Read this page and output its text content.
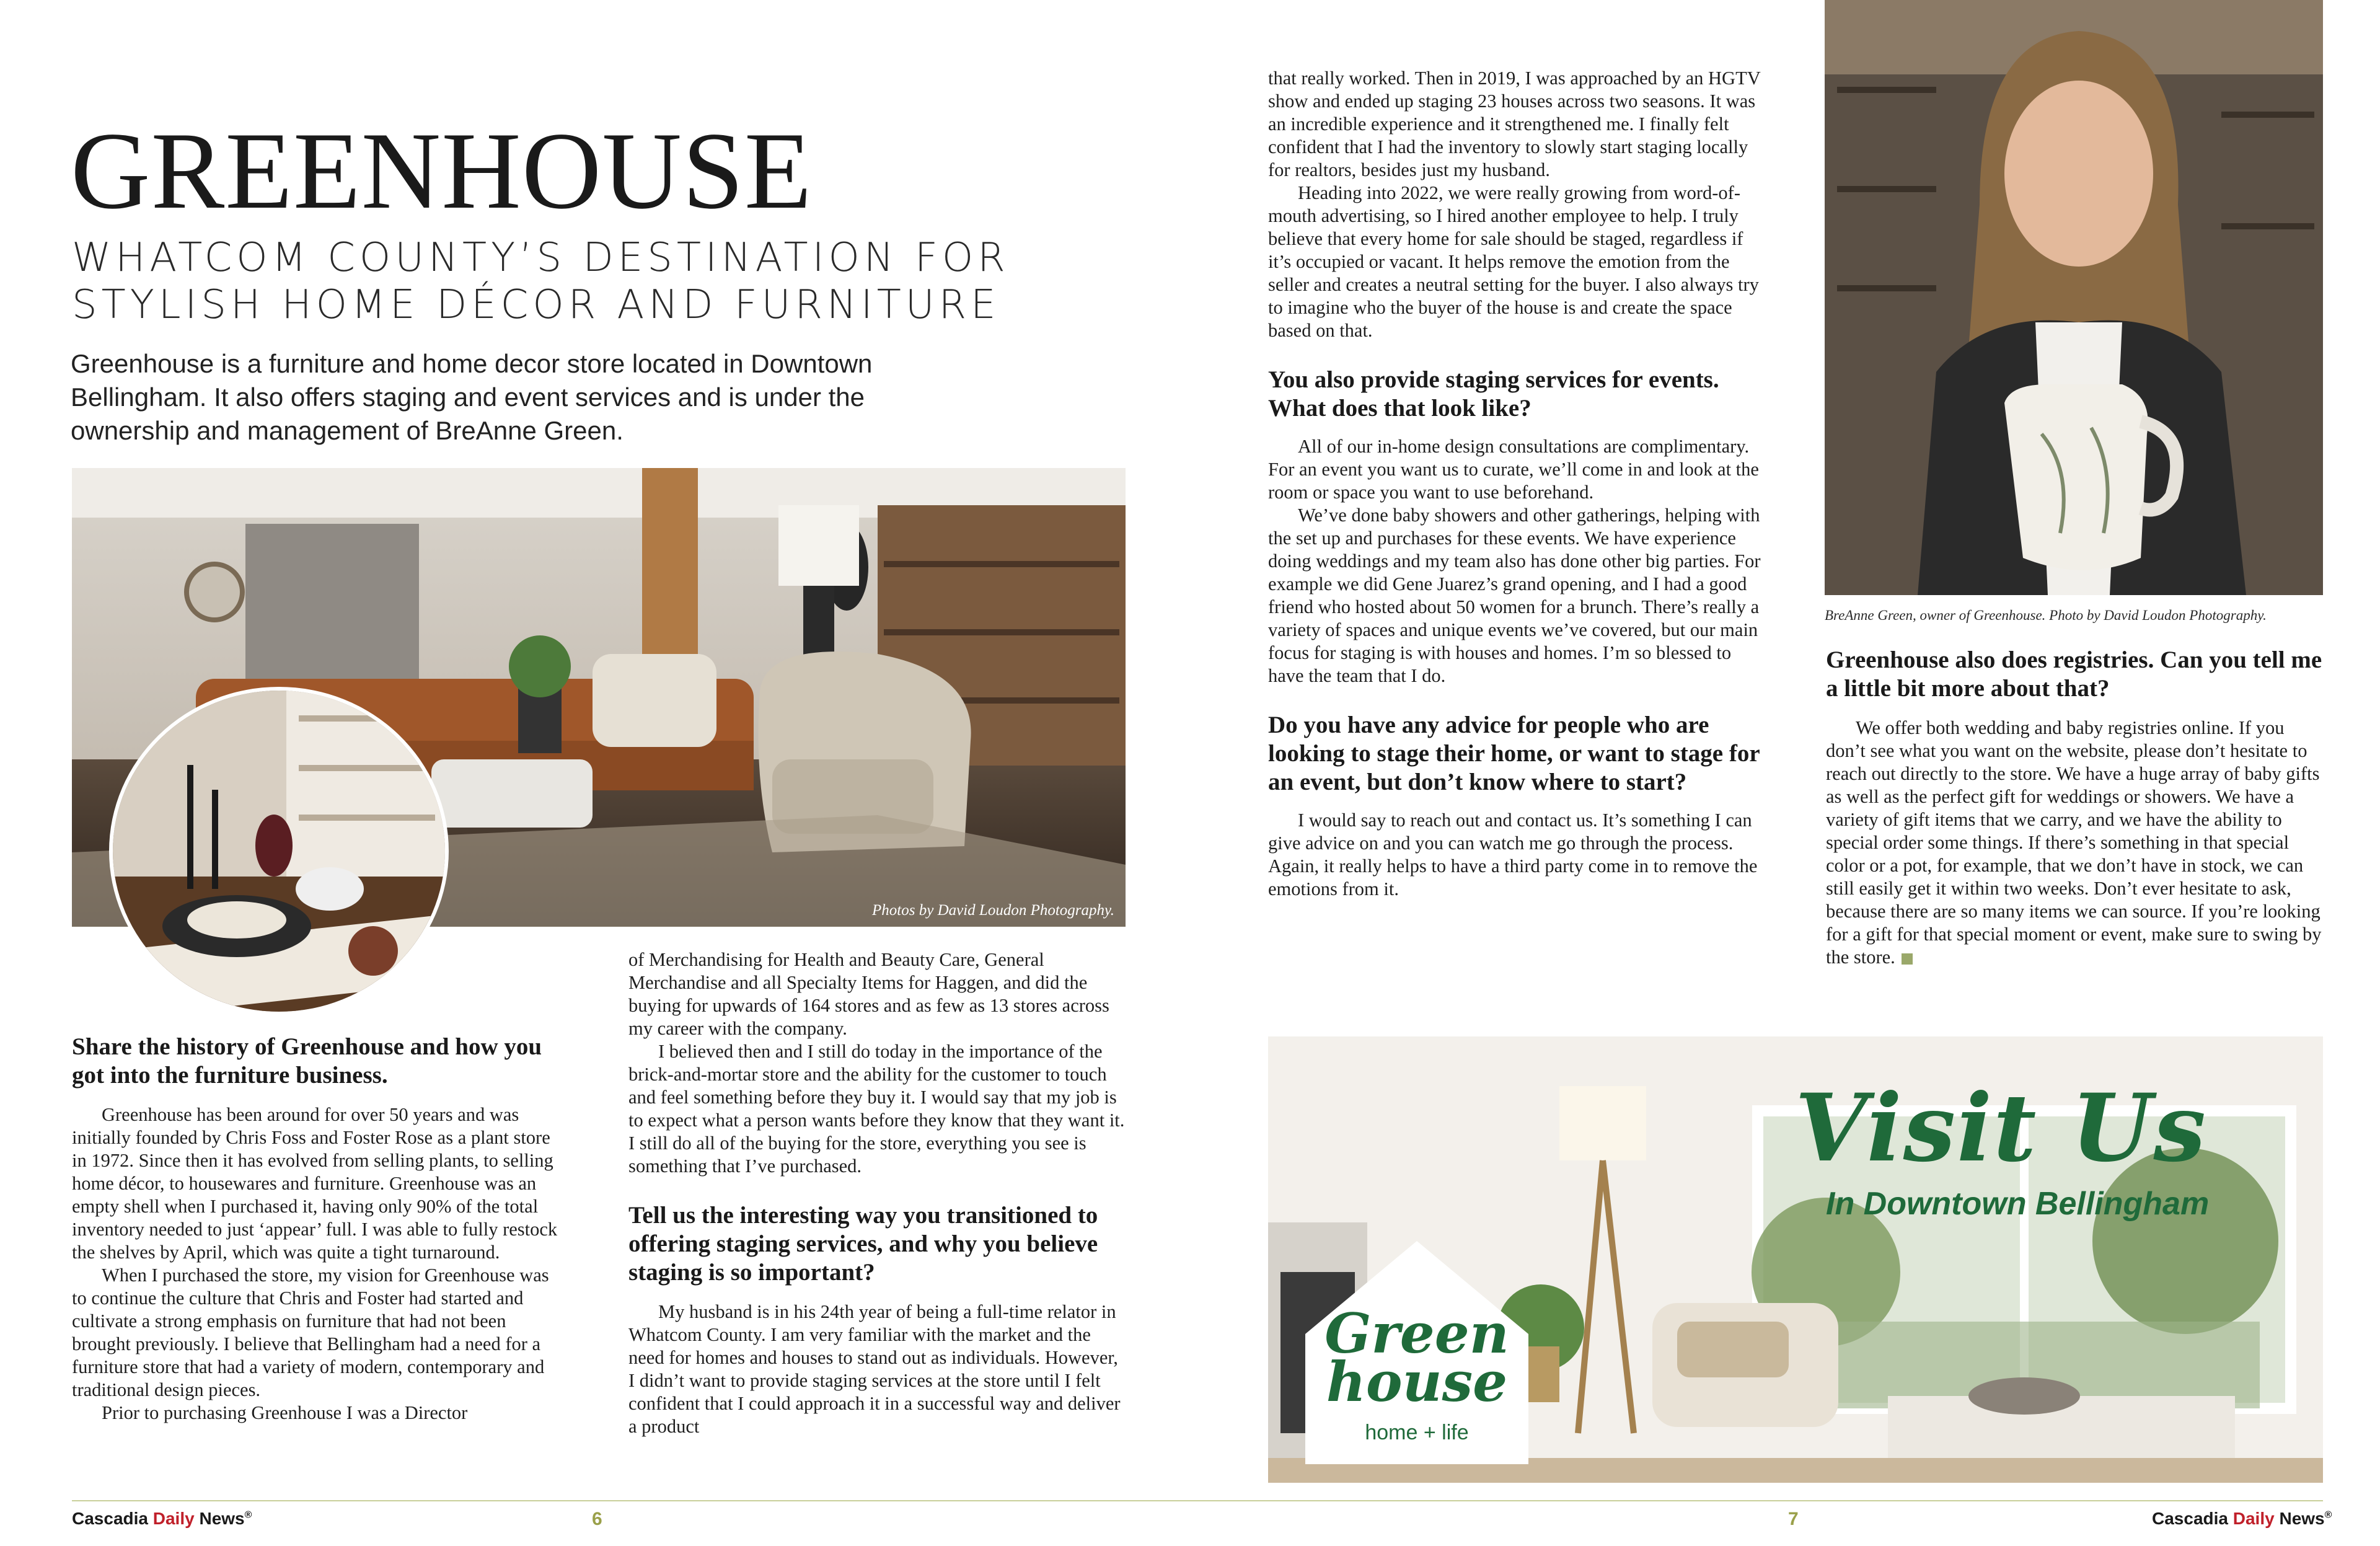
GREENHOUSE
WHATCOM COUNTY’S DESTINATION FOR
STYLISH HOME DÉCOR AND FURNITURE

Greenhouse is a furniture and home decor store located in Downtown Bellingham. It also offers staging and event services and is under the ownership and management of BreAnne Green.

Photos by David Loudon Photography.
Share the history of Greenhouse and how you got into the furniture business.

Greenhouse has been around for over 50 years and was initially founded by Chris Foss and Foster Rose as a plant store in 1972. Since then it has evolved from selling plants, to selling home décor, to housewares and furniture. Greenhouse was an empty shell when I purchased it, having only 90% of the total inventory needed to just ‘appear’ full. I was able to fully restock the shelves by April, which was quite a tight turnaround.

When I purchased the store, my vision for Greenhouse was to continue the culture that Chris and Foster had started and cultivate a strong emphasis on furniture that had not been brought previously. I believe that Bellingham had a need for a furniture store that had a variety of modern, contemporary and traditional design pieces.

Prior to purchasing Greenhouse I was a Director

of Merchandising for Health and Beauty Care, General Merchandise and all Specialty Items for Haggen, and did the buying for upwards of 164 stores and as few as 13 stores across my career with the company.

I believed then and I still do today in the importance of the brick-and-mortar store and the ability for the customer to touch and feel something before they buy it. I would say that my job is to expect what a person wants before they know that they want it. I still do all of the buying for the store, everything you see is something that I’ve purchased.

Tell us the interesting way you transitioned to offering staging services, and why you believe staging is so important?

My husband is in his 24th year of being a full-time relator in Whatcom County. I am very familiar with the market and the need for homes and houses to stand out as individuals. However, I didn’t want to provide staging services at the store until I felt confident that I could approach it in a successful way and deliver a product

that really worked. Then in 2019, I was approached by an HGTV show and ended up staging 23 houses across two seasons. It was an incredible experience and it strengthened me. I finally felt confident that I had the inventory to slowly start staging locally for realtors, besides just my husband.

Heading into 2022, we were really growing from word-of-mouth advertising, so I hired another employee to help. I truly believe that every home for sale should be staged, regardless if it’s occupied or vacant. It helps remove the emotion from the seller and creates a neutral setting for the buyer. I also always try to imagine who the buyer of the house is and create the space based on that.

You also provide staging services for events. What does that look like?

All of our in-home design consultations are complimentary. For an event you want us to curate, we’ll come in and look at the room or space you want to use beforehand.

We’ve done baby showers and other gatherings, helping with the set up and purchases for these events. We have experience doing weddings and my team also has done other big parties. For example we did Gene Juarez’s grand opening, and I had a good friend who hosted about 50 women for a brunch. There’s really a variety of spaces and unique events we’ve covered, but our main focus for staging is with houses and homes. I’m so blessed to have the team that I do.

Do you have any advice for people who are looking to stage their home, or want to stage for an event, but don’t know where to start?

I would say to reach out and contact us. It’s something I can give advice on and you can watch me go through the process. Again, it really helps to have a third party come in to remove the emotions from it.

BreAnne Green, owner of Greenhouse. Photo by David Loudon Photography.
Greenhouse also does registries. Can you tell me a little bit more about that?

We offer both wedding and baby registries online. If you don’t see what you want on the website, please don’t hesitate to reach out directly to the store. We have a huge array of baby gifts as well as the perfect gift for weddings or showers. We have a variety of gift items that we carry, and we have the ability to special order some things. If there’s something in that special color or a pot, for example, that we don’t have in stock, we can still easily get it within two weeks. Don’t ever hesitate to ask, because there are so many items we can source. If you’re looking for a gift for that special moment or event, make sure to swing by the store.

Visit Us
In Downtown Bellingham
Green
house
home + life
Cascadia Daily News®	6	7	Cascadia Daily News®
